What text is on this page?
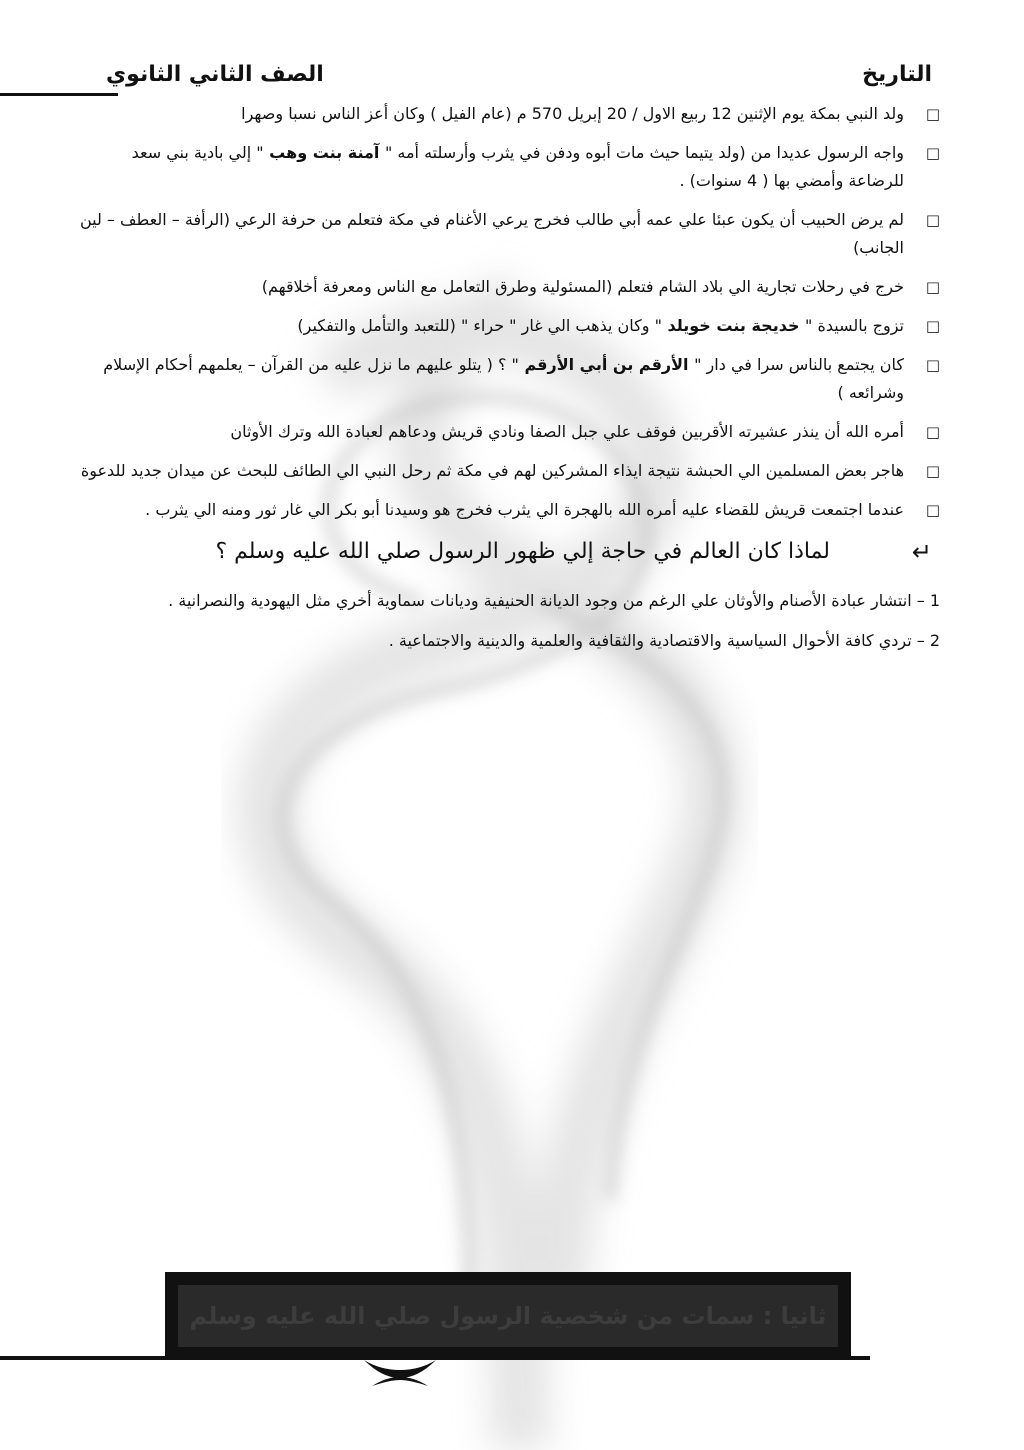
الصف الثاني الثانوي	التاريخ
□
ولد النبي بمكة يوم الإثنين 12 ربيع الاول / 20 إبريل 570 م (عام الفيل ) وكان أعز الناس نسبا وصهرا
□
واجه الرسول عديدا من (ولد يتيما حيث مات أبوه ودفن في يثرب وأرسلته أمه " آمنة بنت وهب " إلي بادية بني سعد للرضاعة وأمضي بها ( 4 سنوات) .
□
لم يرض الحبيب أن يكون عبئا علي عمه أبي طالب فخرج يرعي الأغنام في مكة فتعلم من حرفة الرعي (الرأفة – العطف – لين الجانب)
□
خرج في رحلات تجارية الي بلاد الشام فتعلم (المسئولية وطرق التعامل مع الناس ومعرفة أخلاقهم)
□
تزوج بالسيدة " خديجة بنت خويلد " وكان يذهب الي غار " حراء " (للتعبد والتأمل والتفكير)
□
كان يجتمع بالناس سرا في دار " الأرقم بن أبي الأرقم " ؟ ( يتلو عليهم ما نزل عليه من القرآن – يعلمهم أحكام الإسلام وشرائعه )
□
أمره الله أن ينذر عشيرته الأقربين فوقف علي جبل الصفا ونادي قريش ودعاهم لعبادة الله وترك الأوثان
□
هاجر بعض المسلمين الي الحبشة نتيجة ايذاء المشركين لهم في مكة ثم رحل النبي الي الطائف للبحث عن ميدان جديد للدعوة
□
عندما اجتمعت قريش للقضاء عليه أمره الله بالهجرة الي يثرب فخرج هو وسيدنا أبو بكر الي غار ثور ومنه الي يثرب .
↵
لماذا كان العالم في حاجة إلي ظهور الرسول صلي الله عليه وسلم ؟
1 – انتشار عبادة الأصنام والأوثان علي الرغم من وجود الديانة الحنيفية وديانات سماوية أخري مثل اليهودية والنصرانية .
2 – تردي كافة الأحوال السياسية والاقتصادية والثقافية والعلمية والدينية والاجتماعية .
ثانيا : سمات من شخصية الرسول صلي الله عليه وسلم
